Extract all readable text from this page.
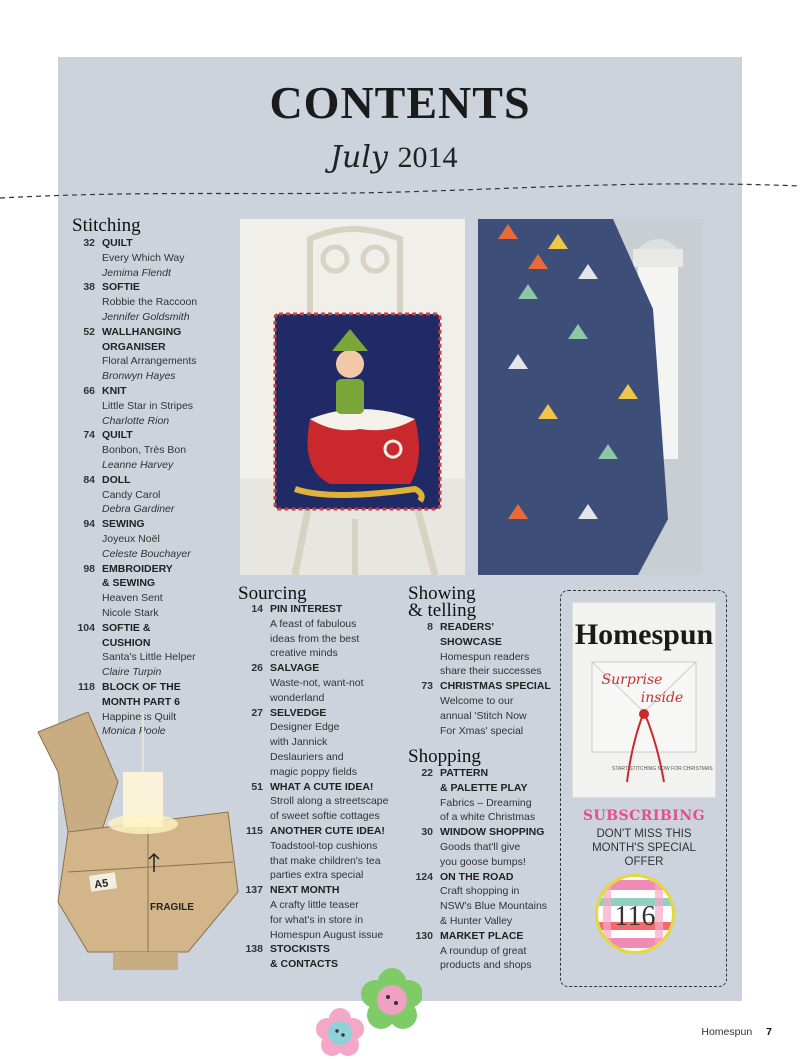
CONTENTS
July 2014
Stitching
32 QUILT
Every Which Way
Jemima Flendt
38 SOFTIE
Robbie the Raccoon
Jennifer Goldsmith
52 WALLHANGING
ORGANISER
Floral Arrangements
Bronwyn Hayes
66 KNIT
Little Star in Stripes
Charlotte Rion
74 QUILT
Bonbon, Très Bon
Leanne Harvey
84 DOLL
Candy Carol
Debra Gardiner
94 SEWING
Joyeux Noël
Celeste Bouchayer
98 EMBROIDERY
& SEWING
Heaven Sent
Nicole Stark
104 SOFTIE &
CUSHION
Santa's Little Helper
Claire Turpin
118 BLOCK OF THE
MONTH PART 6
Happiness Quilt
Monica Poole
Sourcing
14 PIN INTEREST
A feast of fabulous
ideas from the best
creative minds
26 SALVAGE
Waste-not, want-not
wonderland
27 SELVEDGE
Designer Edge
with Jannick
Deslauriers and
magic poppy fields
51 WHAT A CUTE IDEA!
Stroll along a streetscape
of sweet softie cottages
115 ANOTHER CUTE IDEA!
Toadstool-top cushions
that make children's tea
parties extra special
137 NEXT MONTH
A crafty little teaser
for what's in store in
Homespun August issue
138 STOCKISTS
& CONTACTS
Showing
& telling
8 READERS'
SHOWCASE
Homespun readers
share their successes
73 CHRISTMAS SPECIAL
Welcome to our
annual 'Stitch Now
For Xmas' special
Shopping
22 PATTERN
& PALETTE PLAY
Fabrics – Dreaming
of a white Christmas
30 WINDOW SHOPPING
Goods that'll give
you goose bumps!
124 ON THE ROAD
Craft shopping in
NSW's Blue Mountains
& Hunter Valley
130 MARKET PLACE
A roundup of great
products and shops
Homespun
Surprise
inside
START STITCHING NOW FOR CHRISTMAS
SUBSCRIBING
DON'T MISS THIS
MONTH'S SPECIAL
OFFER
116
A5
FRAGILE
Homespun 7
